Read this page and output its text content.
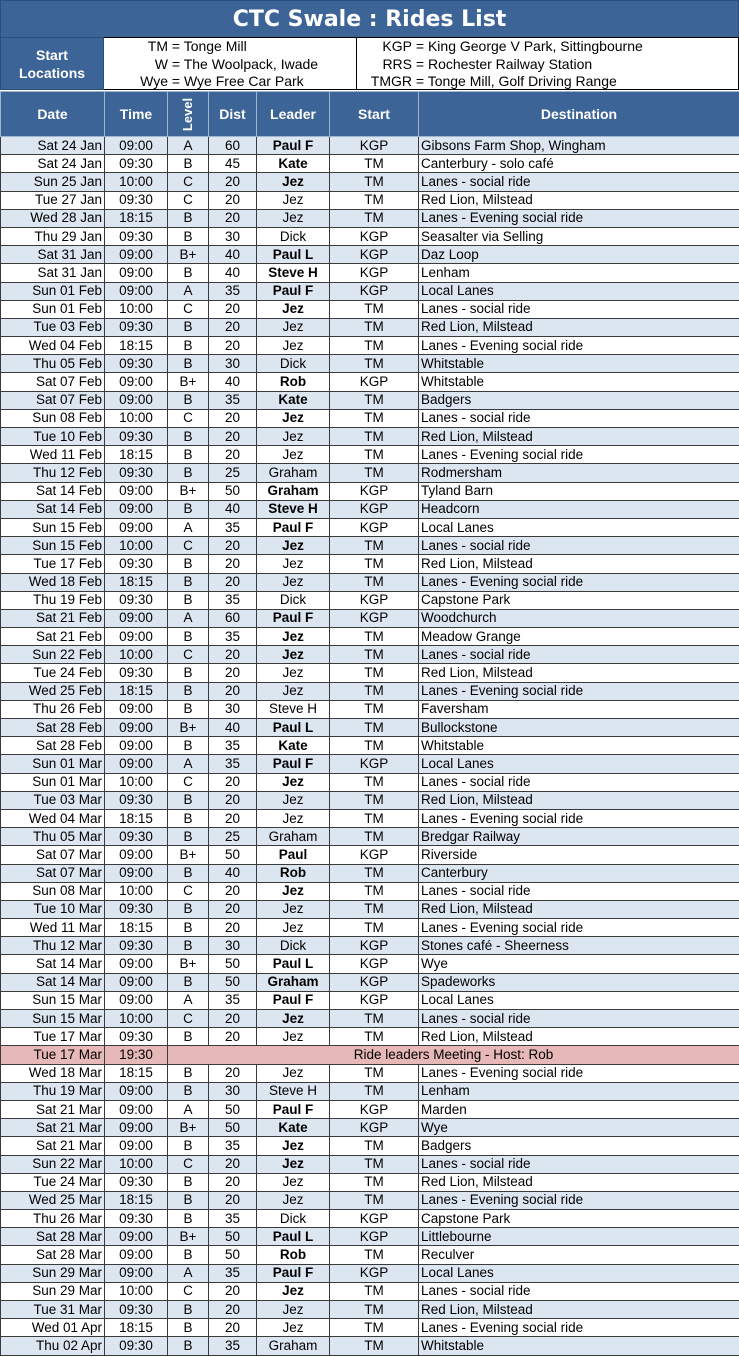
CTC Swale : Rides List
Start
Locations
TM = Tonge Mill
W = The Woolpack, Iwade
Wye = Wye Free Car Park
KGP = King George V Park, Sittingbourne
RRS = Rochester Railway Station
TMGR = Tonge Mill, Golf Driving Range
Date	Time	Level	Dist	Leader	Start	Destination
Sat 24 Jan	09:00	A	60	Paul F	KGP	Gibsons Farm Shop, Wingham
Sat 24 Jan	09:30	B	45	Kate	TM	Canterbury - solo café
Sun 25 Jan	10:00	C	20	Jez	TM	Lanes - social ride
Tue 27 Jan	09:30	C	20	Jez	TM	Red Lion, Milstead
Wed 28 Jan	18:15	B	20	Jez	TM	Lanes - Evening social ride
Thu 29 Jan	09:30	B	30	Dick	KGP	Seasalter via Selling
Sat 31 Jan	09:00	B+	40	Paul L	KGP	Daz Loop
Sat 31 Jan	09:00	B	40	Steve H	KGP	Lenham
Sun 01 Feb	09:00	A	35	Paul F	KGP	Local Lanes
Sun 01 Feb	10:00	C	20	Jez	TM	Lanes - social ride
Tue 03 Feb	09:30	B	20	Jez	TM	Red Lion, Milstead
Wed 04 Feb	18:15	B	20	Jez	TM	Lanes - Evening social ride
Thu 05 Feb	09:30	B	30	Dick	TM	Whitstable
Sat 07 Feb	09:00	B+	40	Rob	KGP	Whitstable
Sat 07 Feb	09:00	B	35	Kate	TM	Badgers
Sun 08 Feb	10:00	C	20	Jez	TM	Lanes - social ride
Tue 10 Feb	09:30	B	20	Jez	TM	Red Lion, Milstead
Wed 11 Feb	18:15	B	20	Jez	TM	Lanes - Evening social ride
Thu 12 Feb	09:30	B	25	Graham	TM	Rodmersham
Sat 14 Feb	09:00	B+	50	Graham	KGP	Tyland Barn
Sat 14 Feb	09:00	B	40	Steve H	KGP	Headcorn
Sun 15 Feb	09:00	A	35	Paul F	KGP	Local Lanes
Sun 15 Feb	10:00	C	20	Jez	TM	Lanes - social ride
Tue 17 Feb	09:30	B	20	Jez	TM	Red Lion, Milstead
Wed 18 Feb	18:15	B	20	Jez	TM	Lanes - Evening social ride
Thu 19 Feb	09:30	B	35	Dick	KGP	Capstone Park
Sat 21 Feb	09:00	A	60	Paul F	KGP	Woodchurch
Sat 21 Feb	09:00	B	35	Jez	TM	Meadow Grange
Sun 22 Feb	10:00	C	20	Jez	TM	Lanes - social ride
Tue 24 Feb	09:30	B	20	Jez	TM	Red Lion, Milstead
Wed 25 Feb	18:15	B	20	Jez	TM	Lanes - Evening social ride
Thu 26 Feb	09:00	B	30	Steve H	TM	Faversham
Sat 28 Feb	09:00	B+	40	Paul L	TM	Bullockstone
Sat 28 Feb	09:00	B	35	Kate	TM	Whitstable
Sun 01 Mar	09:00	A	35	Paul F	KGP	Local Lanes
Sun 01 Mar	10:00	C	20	Jez	TM	Lanes - social ride
Tue 03 Mar	09:30	B	20	Jez	TM	Red Lion, Milstead
Wed 04 Mar	18:15	B	20	Jez	TM	Lanes - Evening social ride
Thu 05 Mar	09:30	B	25	Graham	TM	Bredgar Railway
Sat 07 Mar	09:00	B+	50	Paul	KGP	Riverside
Sat 07 Mar	09:00	B	40	Rob	TM	Canterbury
Sun 08 Mar	10:00	C	20	Jez	TM	Lanes - social ride
Tue 10 Mar	09:30	B	20	Jez	TM	Red Lion, Milstead
Wed 11 Mar	18:15	B	20	Jez	TM	Lanes - Evening social ride
Thu 12 Mar	09:30	B	30	Dick	KGP	Stones café - Sheerness
Sat 14 Mar	09:00	B+	50	Paul L	KGP	Wye
Sat 14 Mar	09:00	B	50	Graham	KGP	Spadeworks
Sun 15 Mar	09:00	A	35	Paul F	KGP	Local Lanes
Sun 15 Mar	10:00	C	20	Jez	TM	Lanes - social ride
Tue 17 Mar	09:30	B	20	Jez	TM	Red Lion, Milstead
Tue 17 Mar	19:30	Ride leaders Meeting - Host: Rob				
Wed 18 Mar	18:15	B	20	Jez	TM	Lanes - Evening social ride
Thu 19 Mar	09:00	B	30	Steve H	TM	Lenham
Sat 21 Mar	09:00	A	50	Paul F	KGP	Marden
Sat 21 Mar	09:00	B+	50	Kate	KGP	Wye
Sat 21 Mar	09:00	B	35	Jez	TM	Badgers
Sun 22 Mar	10:00	C	20	Jez	TM	Lanes - social ride
Tue 24 Mar	09:30	B	20	Jez	TM	Red Lion, Milstead
Wed 25 Mar	18:15	B	20	Jez	TM	Lanes - Evening social ride
Thu 26 Mar	09:30	B	35	Dick	KGP	Capstone Park
Sat 28 Mar	09:00	B+	50	Paul L	KGP	Littlebourne
Sat 28 Mar	09:00	B	50	Rob	TM	Reculver
Sun 29 Mar	09:00	A	35	Paul F	KGP	Local Lanes
Sun 29 Mar	10:00	C	20	Jez	TM	Lanes - social ride
Tue 31 Mar	09:30	B	20	Jez	TM	Red Lion, Milstead
Wed 01 Apr	18:15	B	20	Jez	TM	Lanes - Evening social ride
Thu 02 Apr	09:30	B	35	Graham	TM	Whitstable
